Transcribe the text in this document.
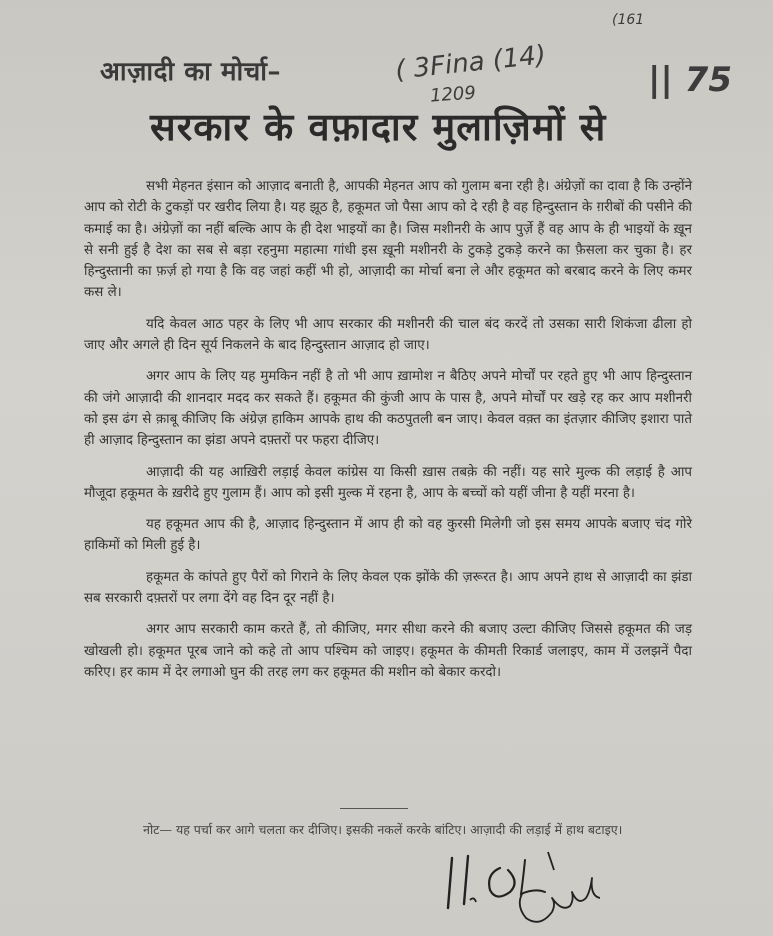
(161
( 3Fina (14)
1209	|| 75
आज़ादी का मोर्चा–
सरकार के वफ़ादार मुलाज़िमों से

सभी मेहनत इंसान को आज़ाद बनाती है, आपकी मेहनत आप को गुलाम बना रही है। अंग्रेज़ों का दावा है कि उन्होंने आप को रोटी के टुकड़ों पर खरीद लिया है। यह झूठ है, हकूमत जो पैसा आप को दे रही है वह हिन्दुस्तान के ग़रीबों की पसीने की कमाई का है। अंग्रेज़ों का नहीं बल्कि आप के ही देश भाइयों का है। जिस मशीनरी के आप पुर्ज़े हैं वह आप के ही भाइयों के ख़ून से सनी हुई है देश का सब से बड़ा रहनुमा महात्मा गांधी इस ख़ूनी मशीनरी के टुकड़े टुकड़े करने का फ़ैसला कर चुका है। हर हिन्दुस्तानी का फ़र्ज़ हो गया है कि वह जहां कहीं भी हो, आज़ादी का मोर्चा बना ले और हकूमत को बरबाद करने के लिए कमर कस ले।

यदि केवल आठ पहर के लिए भी आप सरकार की मशीनरी की चाल बंद करदें तो उसका सारी शिकंजा ढीला हो जाए और अगले ही दिन सूर्य निकलने के बाद हिन्दुस्तान आज़ाद हो जाए।

अगर आप के लिए यह मुमकिन नहीं है तो भी आप ख़ामोश न बैठिए अपने मोर्चों पर रहते हुए भी आप हिन्दुस्तान की जंगे आज़ादी की शानदार मदद कर सकते हैं। हकूमत की कुंजी आप के पास है, अपने मोर्चों पर खड़े रह कर आप मशीनरी को इस ढंग से क़ाबू कीजिए कि अंग्रेज़ हाकिम आपके हाथ की कठपुतली बन जाए। केवल वक़्त का इंतज़ार कीजिए इशारा पाते ही आज़ाद हिन्दुस्तान का झंडा अपने दफ़्तरों पर फहरा दीजिए।

आज़ादी की यह आख़िरी लड़ाई केवल कांग्रेस या किसी ख़ास तबक़े की नहीं। यह सारे मुल्क की लड़ाई है आप मौजूदा हकूमत के ख़रीदे हुए गुलाम हैं। आप को इसी मुल्क में रहना है, आप के बच्चों को यहीं जीना है यहीं मरना है।

यह हकूमत आप की है, आज़ाद हिन्दुस्तान में आप ही को वह कुरसी मिलेगी जो इस समय आपके बजाए चंद गोरे हाकिमों को मिली हुई है।

हकूमत के कांपते हुए पैरों को गिराने के लिए केवल एक झोंके की ज़रूरत है। आप अपने हाथ से आज़ादी का झंडा सब सरकारी दफ़्तरों पर लगा देंगे वह दिन दूर नहीं है।

अगर आप सरकारी काम करते हैं, तो कीजिए, मगर सीधा करने की बजाए उल्टा कीजिए जिससे हकूमत की जड़ खोखली हो। हकूमत पूरब जाने को कहे तो आप पश्चिम को जाइए। हकूमत के कीमती रिकार्ड जलाइए, काम में उलझनें पैदा करिए। हर काम में देर लगाओ घुन की तरह लग कर हकूमत की मशीन को बेकार करदो।

नोट— यह पर्चा कर आगे चलता कर दीजिए। इसकी नकलें करके बांटिए। आज़ादी की लड़ाई में हाथ बटाइए।
